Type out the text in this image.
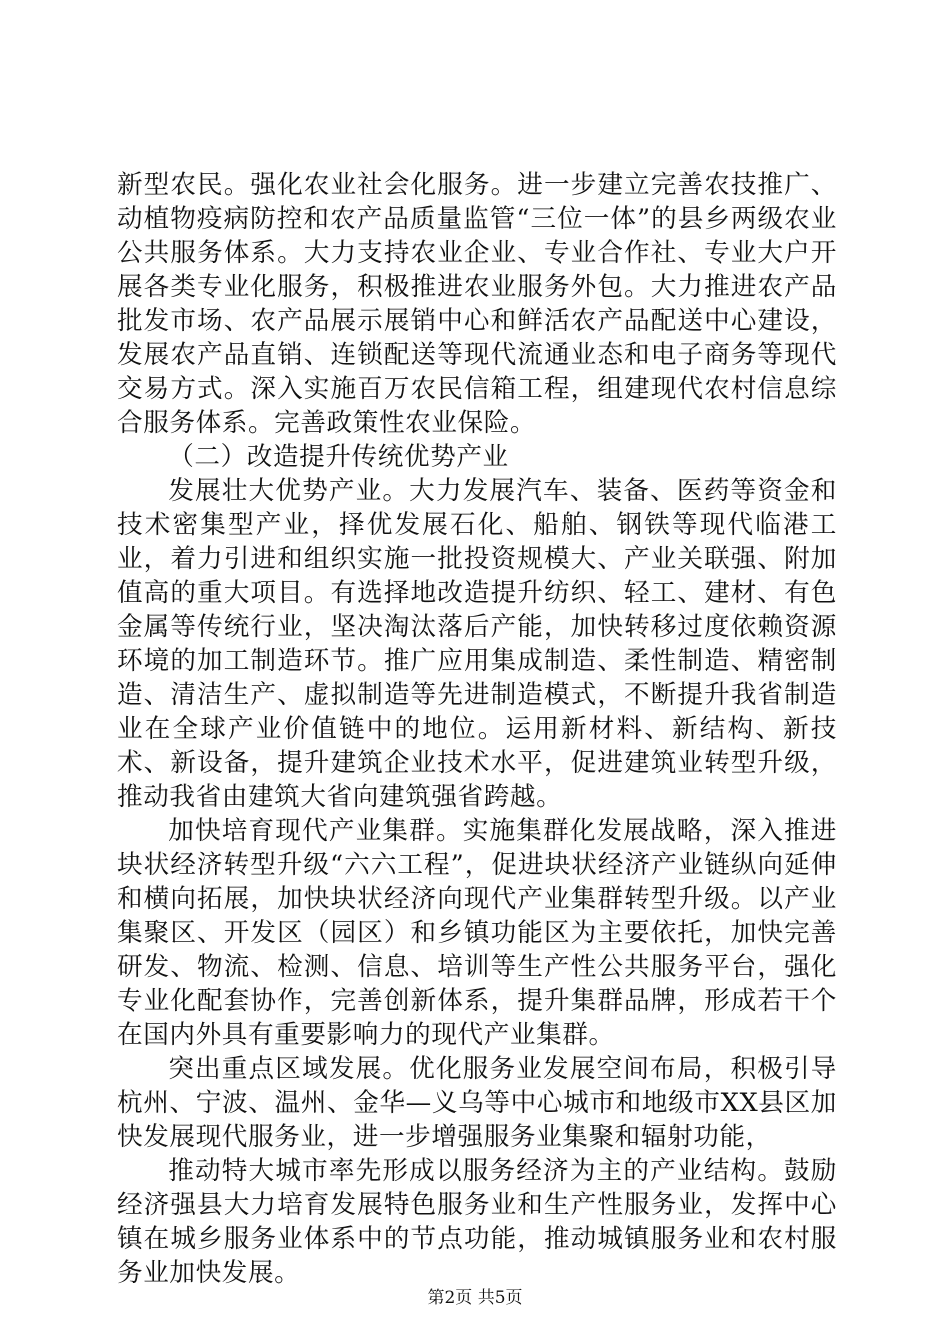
新型农民。强化农业社会化服务。进一步建立完善农技推广、动植物疫病防控和农产品质量监管“三位一体”的县乡两级农业公共服务体系。大力支持农业企业、专业合作社、专业大户开展各类专业化服务，积极推进农业服务外包。大力推进农产品批发市场、农产品展示展销中心和鲜活农产品配送中心建设，发展农产品直销、连锁配送等现代流通业态和电子商务等现代交易方式。深入实施百万农民信箱工程，组建现代农村信息综合服务体系。完善政策性农业保险。

（二）改造提升传统优势产业

发展壮大优势产业。大力发展汽车、装备、医药等资金和技术密集型产业，择优发展石化、船舶、钢铁等现代临港工业，着力引进和组织实施一批投资规模大、产业关联强、附加值高的重大项目。有选择地改造提升纺织、轻工、建材、有色金属等传统行业，坚决淘汰落后产能，加快转移过度依赖资源环境的加工制造环节。推广应用集成制造、柔性制造、精密制造、清洁生产、虚拟制造等先进制造模式，不断提升我省制造业在全球产业价值链中的地位。运用新材料、新结构、新技术、新设备，提升建筑企业技术水平，促进建筑业转型升级，推动我省由建筑大省向建筑强省跨越。

加快培育现代产业集群。实施集群化发展战略，深入推进块状经济转型升级“六六工程”，促进块状经济产业链纵向延伸和横向拓展，加快块状经济向现代产业集群转型升级。以产业集聚区、开发区（园区）和乡镇功能区为主要依托，加快完善研发、物流、检测、信息、培训等生产性公共服务平台，强化专业化配套协作，完善创新体系，提升集群品牌，形成若干个在国内外具有重要影响力的现代产业集群。

突出重点区域发展。优化服务业发展空间布局，积极引导杭州、宁波、温州、金华—义乌等中心城市和地级市XX县区加快发展现代服务业，进一步增强服务业集聚和辐射功能，

推动特大城市率先形成以服务经济为主的产业结构。鼓励经济强县大力培育发展特色服务业和生产性服务业，发挥中心镇在城乡服务业体系中的节点功能，推动城镇服务业和农村服务业加快发展。

第2页 共5页
